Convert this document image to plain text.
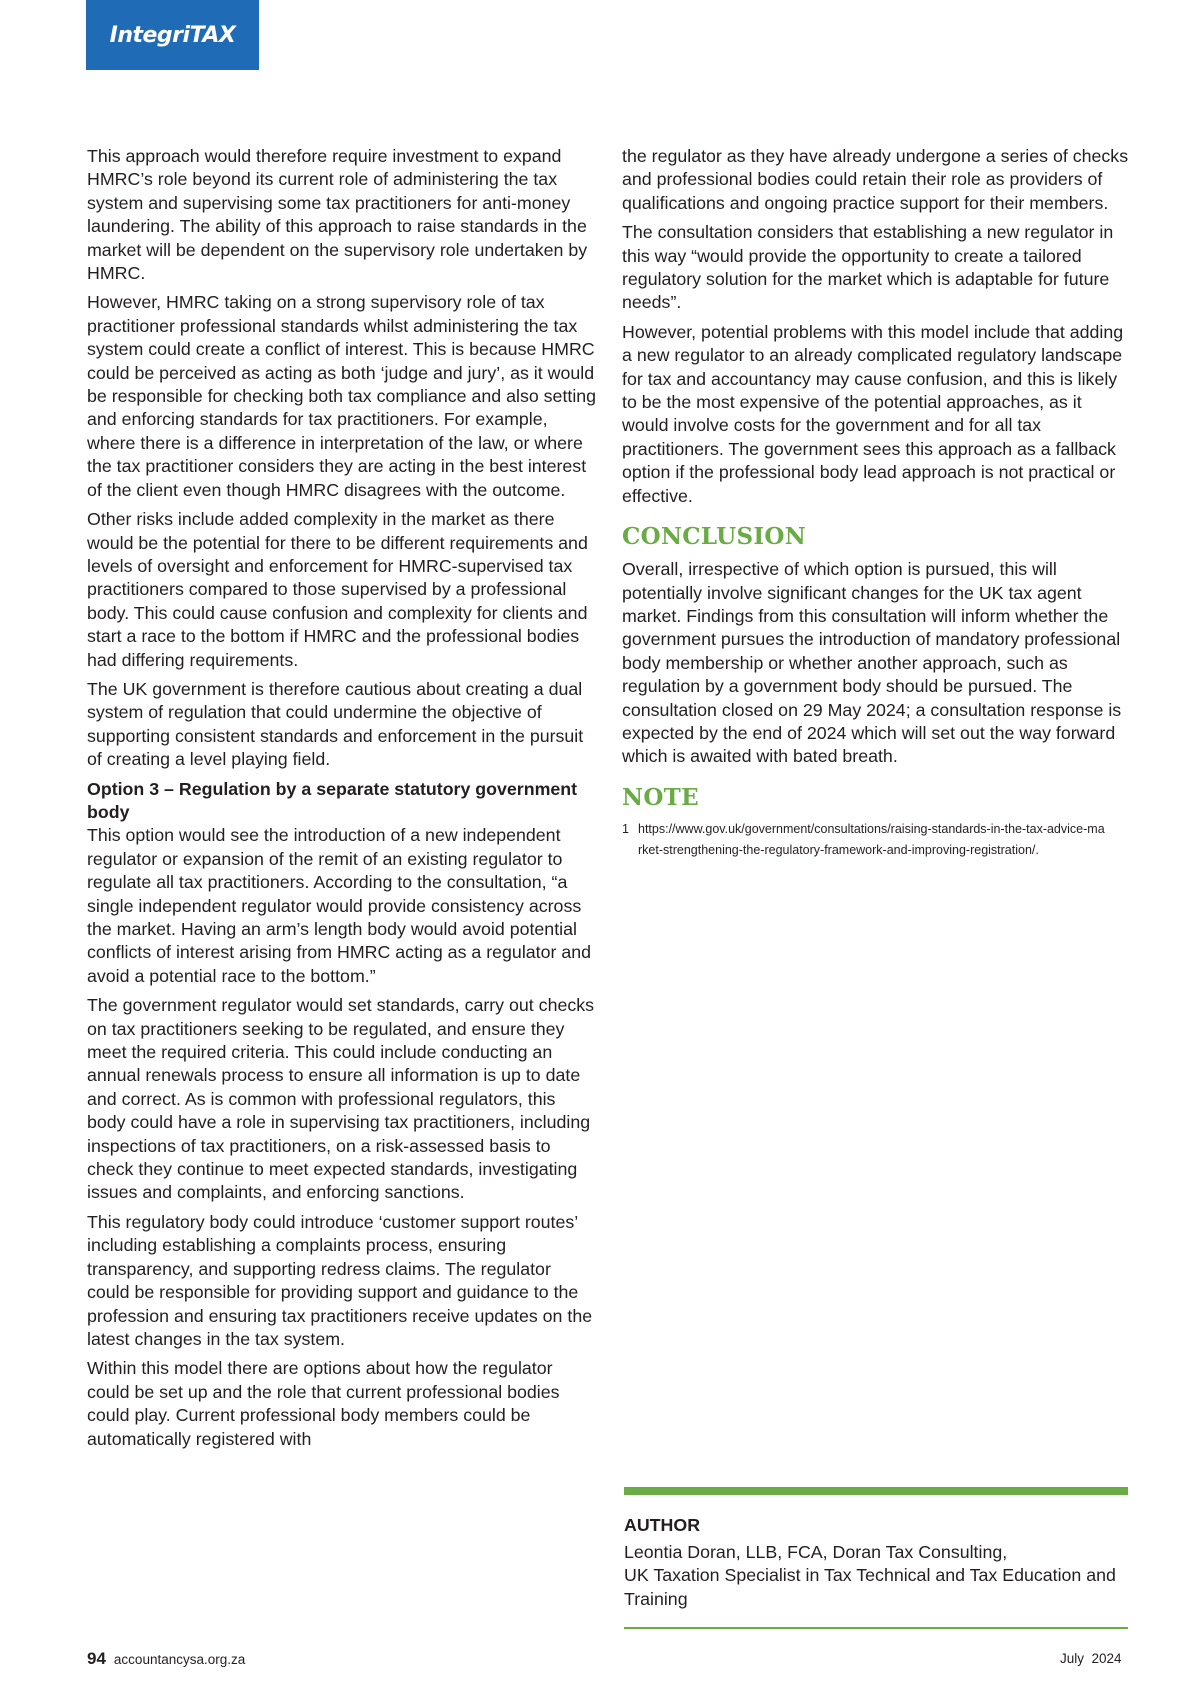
IntegriTAX

This approach would therefore require investment to expand HMRC’s role beyond its current role of administering the tax system and supervising some tax practitioners for anti-money laundering. The ability of this approach to raise standards in the market will be dependent on the supervisory role undertaken by HMRC.

However, HMRC taking on a strong supervisory role of tax practitioner professional standards whilst administering the tax system could create a conflict of interest. This is because HMRC could be perceived as acting as both ‘judge and jury’, as it would be responsible for checking both tax compliance and also setting and enforcing standards for tax practitioners. For example, where there is a difference in interpretation of the law, or where the tax practitioner considers they are acting in the best interest of the client even though HMRC disagrees with the outcome.

Other risks include added complexity in the market as there would be the potential for there to be different requirements and levels of oversight and enforcement for HMRC-supervised tax practitioners compared to those supervised by a professional body. This could cause confusion and complexity for clients and start a race to the bottom if HMRC and the professional bodies had differing requirements.

The UK government is therefore cautious about creating a dual system of regulation that could undermine the objective of supporting consistent standards and enforcement in the pursuit of creating a level playing field.

Option 3 – Regulation by a separate statutory government body

This option would see the introduction of a new independent regulator or expansion of the remit of an existing regulator to regulate all tax practitioners. According to the consultation, “a single independent regulator would provide consistency across the market. Having an arm’s length body would avoid potential conflicts of interest arising from HMRC acting as a regulator and avoid a potential race to the bottom.”

The government regulator would set standards, carry out checks on tax practitioners seeking to be regulated, and ensure they meet the required criteria. This could include conducting an annual renewals process to ensure all information is up to date and correct. As is common with professional regulators, this body could have a role in supervising tax practitioners, including inspections of tax practitioners, on a risk-assessed basis to check they continue to meet expected standards, investigating issues and complaints, and enforcing sanctions.

This regulatory body could introduce ‘customer support routes’ including establishing a complaints process, ensuring transparency, and supporting redress claims. The regulator could be responsible for providing support and guidance to the profession and ensuring tax practitioners receive updates on the latest changes in the tax system.

Within this model there are options about how the regulator could be set up and the role that current professional bodies could play. Current professional body members could be automatically registered with

the regulator as they have already undergone a series of checks and professional bodies could retain their role as providers of qualifications and ongoing practice support for their members.

The consultation considers that establishing a new regulator in this way “would provide the opportunity to create a tailored regulatory solution for the market which is adaptable for future needs”.

However, potential problems with this model include that adding a new regulator to an already complicated regulatory landscape for tax and accountancy may cause confusion, and this is likely to be the most expensive of the potential approaches, as it would involve costs for the government and for all tax practitioners. The government sees this approach as a fallback option if the professional body lead approach is not practical or effective.

CONCLUSION

Overall, irrespective of which option is pursued, this will potentially involve significant changes for the UK tax agent market. Findings from this consultation will inform whether the government pursues the introduction of mandatory professional body membership or whether another approach, such as regulation by a government body should be pursued. The consultation closed on 29 May 2024; a consultation response is expected by the end of 2024 which will set out the way forward which is awaited with bated breath.

NOTE
1 https://www.gov.uk/government/consultations/raising-standards-in-the-tax-advice-market-strengthening-the-regulatory-framework-and-improving-registration/.
AUTHOR
Leontia Doran, LLB, FCA, Doran Tax Consulting,
UK Taxation Specialist in Tax Technical and Tax Education and Training
94 accountancysa.org.za	July  2024
